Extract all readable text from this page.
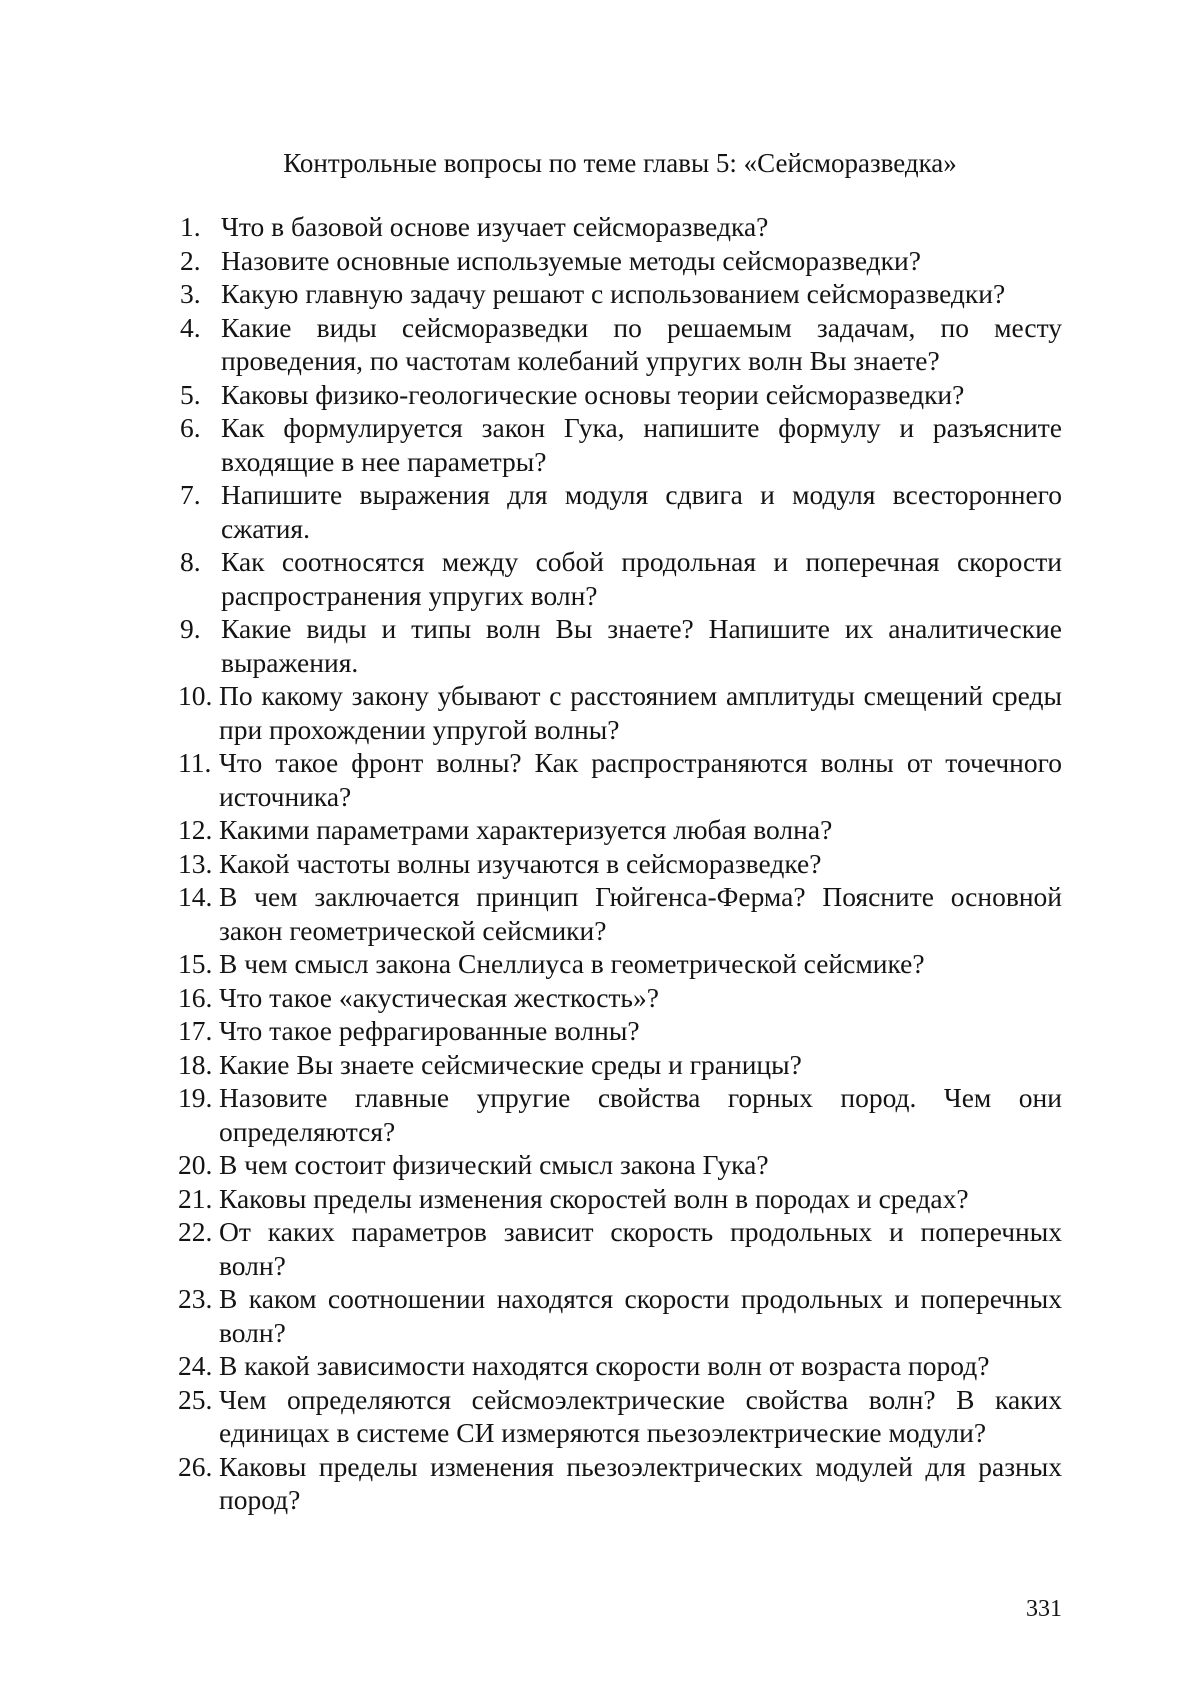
Контрольные вопросы по теме главы 5: «Сейсморазведка»
1. Что в базовой основе изучает сейсморазведка?
2. Назовите основные используемые методы сейсморазведки?
3. Какую главную задачу решают с использованием сейсморазведки?
4. Какие виды сейсморазведки по решаемым задачам, по месту проведения, по частотам колебаний упругих волн Вы знаете?
5. Каковы физико-геологические основы теории сейсморазведки?
6. Как формулируется закон Гука, напишите формулу и разъясните входящие в нее параметры?
7. Напишите выражения для модуля сдвига и модуля всестороннего сжатия.
8. Как соотносятся между собой продольная и поперечная скорости распространения упругих волн?
9. Какие виды и типы волн Вы знаете? Напишите их аналитические выражения.
10. По какому закону убывают с расстоянием амплитуды смещений среды при прохождении упругой волны?
11. Что такое фронт волны? Как распространяются волны от точечного источника?
12. Какими параметрами характеризуется любая волна?
13. Какой частоты волны изучаются в сейсморазведке?
14. В чем заключается принцип Гюйгенса-Ферма? Поясните основной закон геометрической сейсмики?
15. В чем смысл закона Снеллиуса в геометрической сейсмике?
16. Что такое «акустическая жесткость»?
17. Что такое рефрагированные волны?
18. Какие Вы знаете сейсмические среды и границы?
19. Назовите главные упругие свойства горных пород. Чем они определяются?
20. В чем состоит физический смысл закона Гука?
21. Каковы пределы изменения скоростей волн в породах и средах?
22. От каких параметров зависит скорость продольных и поперечных волн?
23. В каком соотношении находятся скорости продольных и поперечных волн?
24. В какой зависимости находятся скорости волн от возраста пород?
25. Чем определяются сейсмоэлектрические свойства волн? В каких единицах в системе СИ измеряются пьезоэлектрические модули?
26. Каковы пределы изменения пьезоэлектрических модулей для разных пород?
331
